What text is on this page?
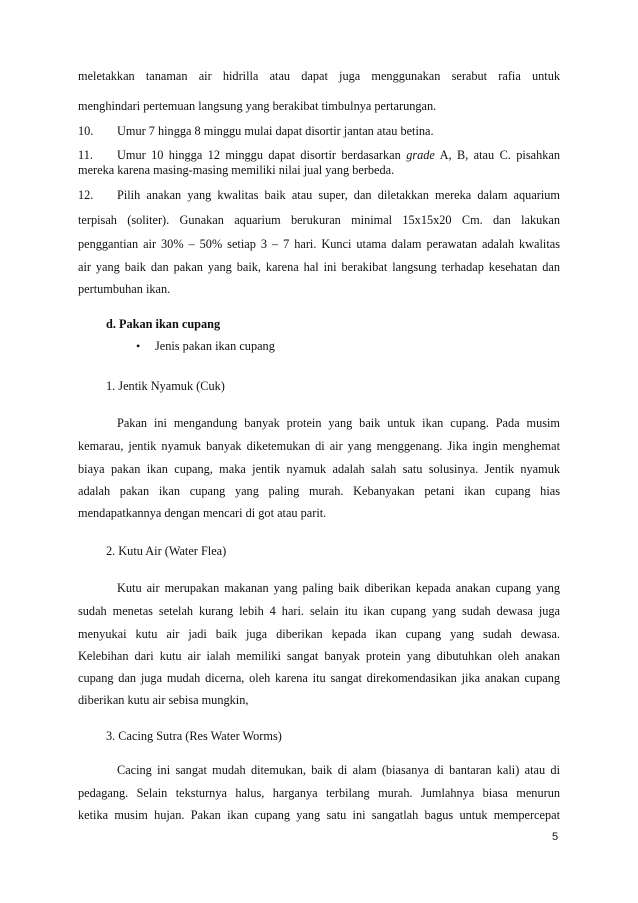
meletakkan tanaman air hidrilla atau dapat juga menggunakan serabut rafia untuk
menghindari pertemuan langsung yang berakibat timbulnya pertarungan.
10. Umur 7 hingga 8 minggu mulai dapat disortir jantan atau betina.
11. Umur 10 hingga 12 minggu dapat disortir berdasarkan grade A, B, atau C. pisahkan
mereka karena masing-masing memiliki nilai jual yang berbeda.
12. Pilih anakan yang kwalitas baik atau super, dan diletakkan mereka dalam aquarium
terpisah (soliter). Gunakan aquarium berukuran minimal 15x15x20 Cm. dan lakukan
penggantian air 30% – 50% setiap 3 – 7 hari. Kunci utama dalam perawatan adalah kwalitas
air yang baik dan pakan yang baik, karena hal ini berakibat langsung terhadap kesehatan dan
pertumbuhan ikan.
d. Pakan ikan cupang
• Jenis pakan ikan cupang
1. Jentik Nyamuk (Cuk)
Pakan ini mengandung banyak protein yang baik untuk ikan cupang. Pada musim
kemarau, jentik nyamuk banyak diketemukan di air yang menggenang. Jika ingin menghemat
biaya pakan ikan cupang, maka jentik nyamuk adalah salah satu solusinya. Jentik nyamuk
adalah pakan ikan cupang yang paling murah. Kebanyakan petani ikan cupang hias
mendapatkannya dengan mencari di got atau parit.
2. Kutu Air (Water Flea)
Kutu air merupakan makanan yang paling baik diberikan kepada anakan cupang yang
sudah menetas setelah kurang lebih 4 hari. selain itu ikan cupang yang sudah dewasa juga
menyukai kutu air jadi baik juga diberikan kepada ikan cupang yang sudah dewasa.
Kelebihan dari kutu air ialah memiliki sangat banyak protein yang dibutuhkan oleh anakan
cupang dan juga mudah dicerna, oleh karena itu sangat direkomendasikan jika anakan cupang
diberikan kutu air sebisa mungkin,
3. Cacing Sutra (Res Water Worms)
Cacing ini sangat mudah ditemukan, baik di alam (biasanya di bantaran kali) atau di
pedagang. Selain teksturnya halus, harganya terbilang murah. Jumlahnya biasa menurun
ketika musim hujan. Pakan ikan cupang yang satu ini sangatlah bagus untuk mempercepat
5
